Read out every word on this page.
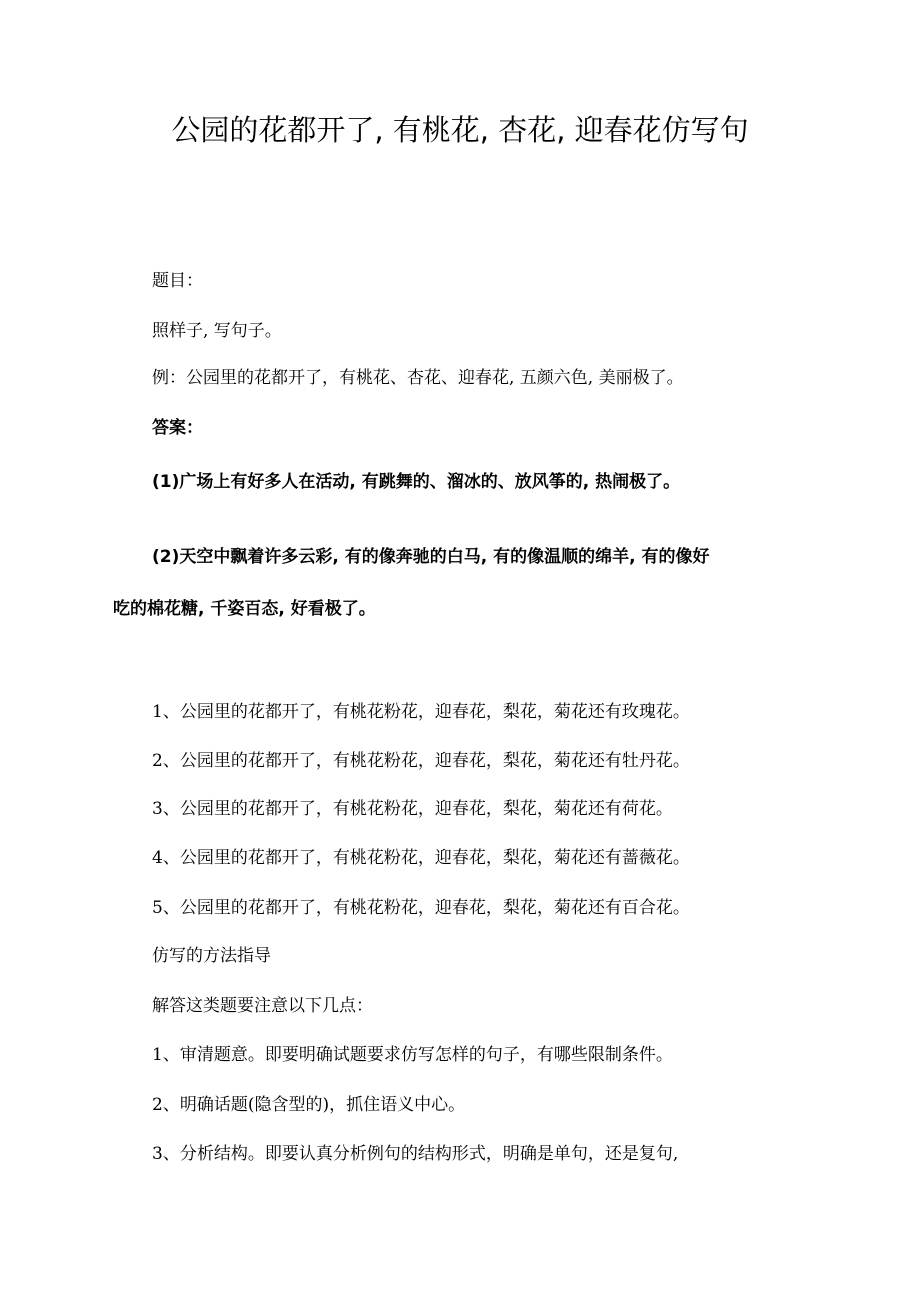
公园的花都开了, 有桃花, 杏花, 迎春花仿写句
题目：
照样子, 写句子。
例：公园里的花都开了，有桃花、杏花、迎春花, 五颜六色, 美丽极了。
答案：
(1)广场上有好多人在活动, 有跳舞的、溜冰的、放风筝的, 热闹极了。
(2)天空中飘着许多云彩, 有的像奔驰的白马, 有的像温顺的绵羊, 有的像好
吃的棉花糖, 千姿百态, 好看极了。
1、公园里的花都开了，有桃花粉花，迎春花，梨花，菊花还有玫瑰花。
2、公园里的花都开了，有桃花粉花，迎春花，梨花，菊花还有牡丹花。
3、公园里的花都开了，有桃花粉花，迎春花，梨花，菊花还有荷花。
4、公园里的花都开了，有桃花粉花，迎春花，梨花，菊花还有蔷薇花。
5、公园里的花都开了，有桃花粉花，迎春花，梨花，菊花还有百合花。
仿写的方法指导
解答这类题要注意以下几点：
1、审清题意。即要明确试题要求仿写怎样的句子，有哪些限制条件。
2、明确话题(隐含型的)，抓住语义中心。
3、分析结构。即要认真分析例句的结构形式，明确是单句，还是复句,
